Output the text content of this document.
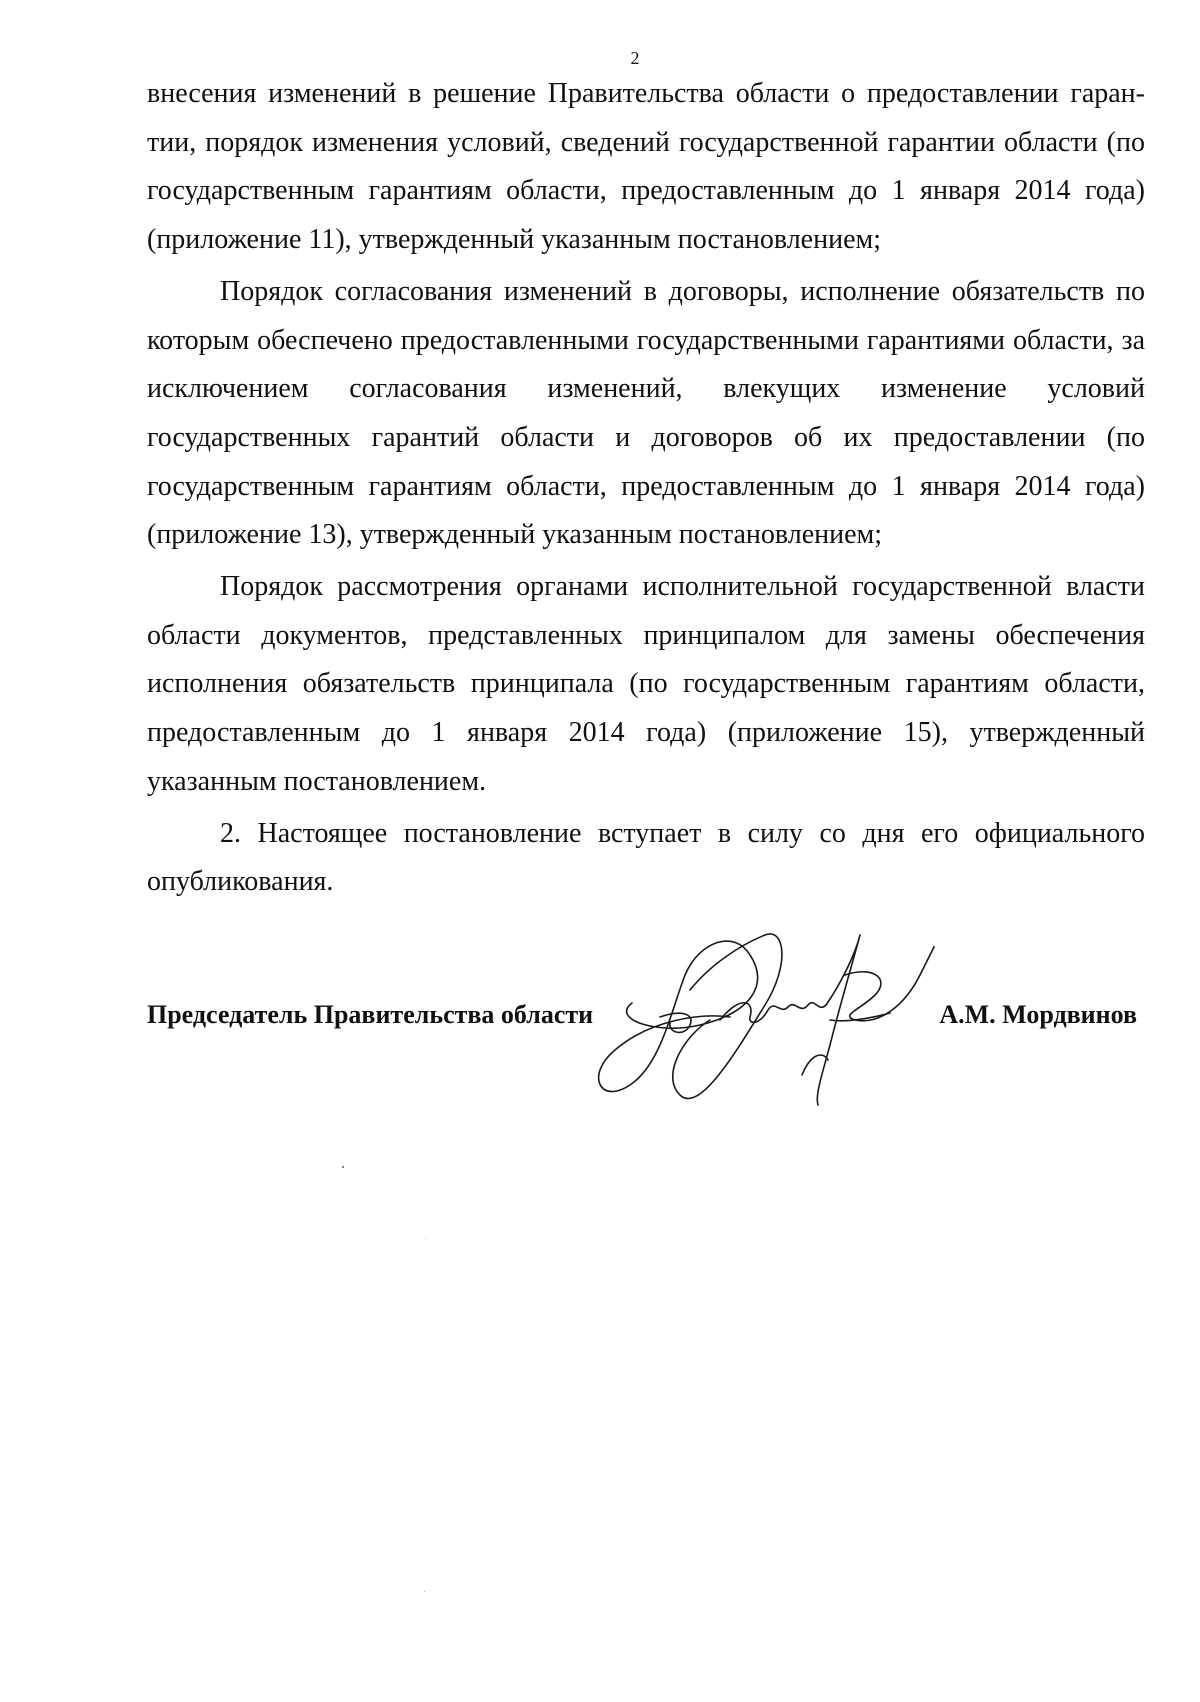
2

внесения изменений в решение Правительства области о предоставлении гарантии, порядок изменения условий, сведений государственной гарантии области (по государственным гарантиям области, предоставленным до 1 января 2014 года) (приложение 11), утвержденный указанным постановлением;

Порядок согласования изменений в договоры, исполнение обязательств по которым обеспечено предоставленными государственными гарантиями области, за исключением согласования изменений, влекущих изменение условий государственных гарантий области и договоров об их предоставлении (по государственным гарантиям области, предоставленным до 1 января 2014 года) (приложение 13), утвержденный указанным постановлением;

Порядок рассмотрения органами исполнительной государственной власти области документов, представленных принципалом для замены обеспечения исполнения обязательств принципала (по государственным гарантиям области, предоставленным до 1 января 2014 года) (приложение 15), утвержденный указанным постановлением.

2. Настоящее постановление вступает в силу со дня его официального опубликования.

Председатель Правительства области	А.М. Мордвинов
